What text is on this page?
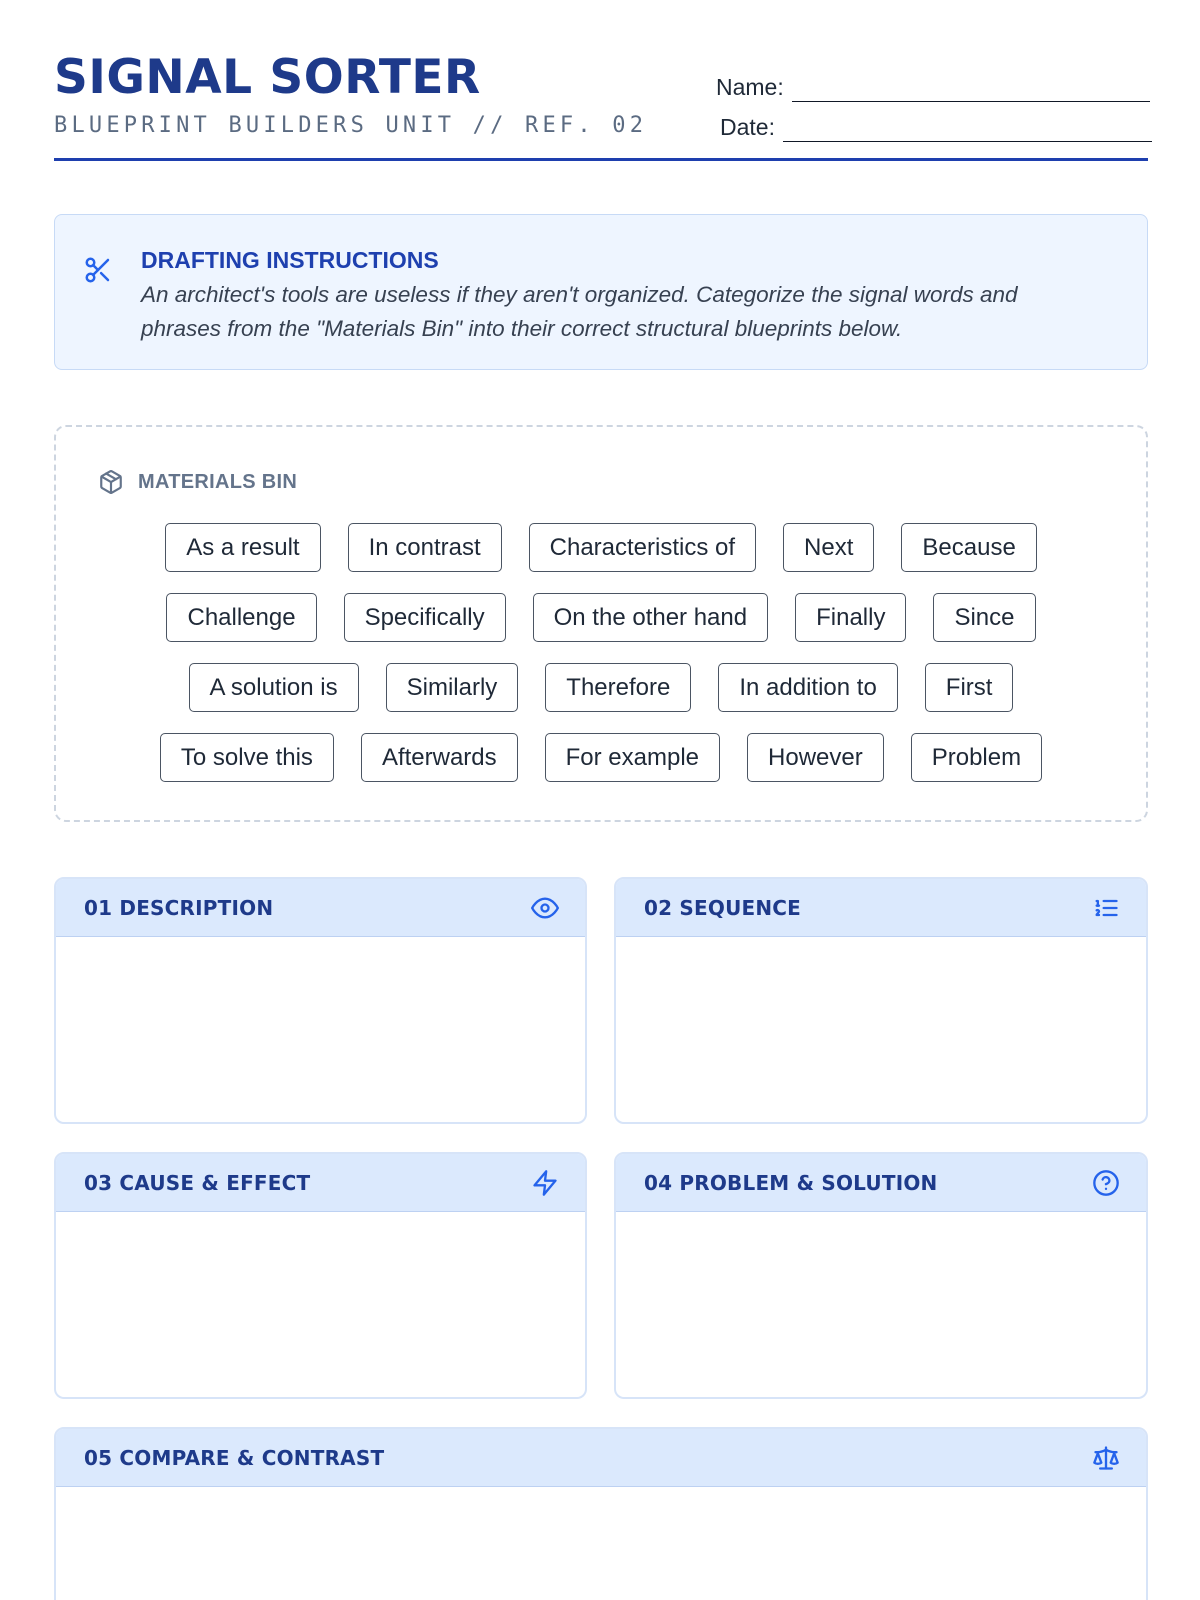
SIGNAL SORTER
BLUEPRINT BUILDERS UNIT // REF. 02
Name:
Date:
DRAFTING INSTRUCTIONS
An architect's tools are useless if they aren't organized. Categorize the signal words and phrases from the "Materials Bin" into their correct structural blueprints below.
MATERIALS BIN
As a result	In contrast	Characteristics of	Next	Because
Challenge	Specifically	On the other hand	Finally	Since
A solution is	Similarly	Therefore	In addition to	First
To solve this	Afterwards	For example	However	Problem
01 DESCRIPTION	02 SEQUENCE
03 CAUSE & EFFECT	04 PROBLEM & SOLUTION
05 COMPARE & CONTRAST
